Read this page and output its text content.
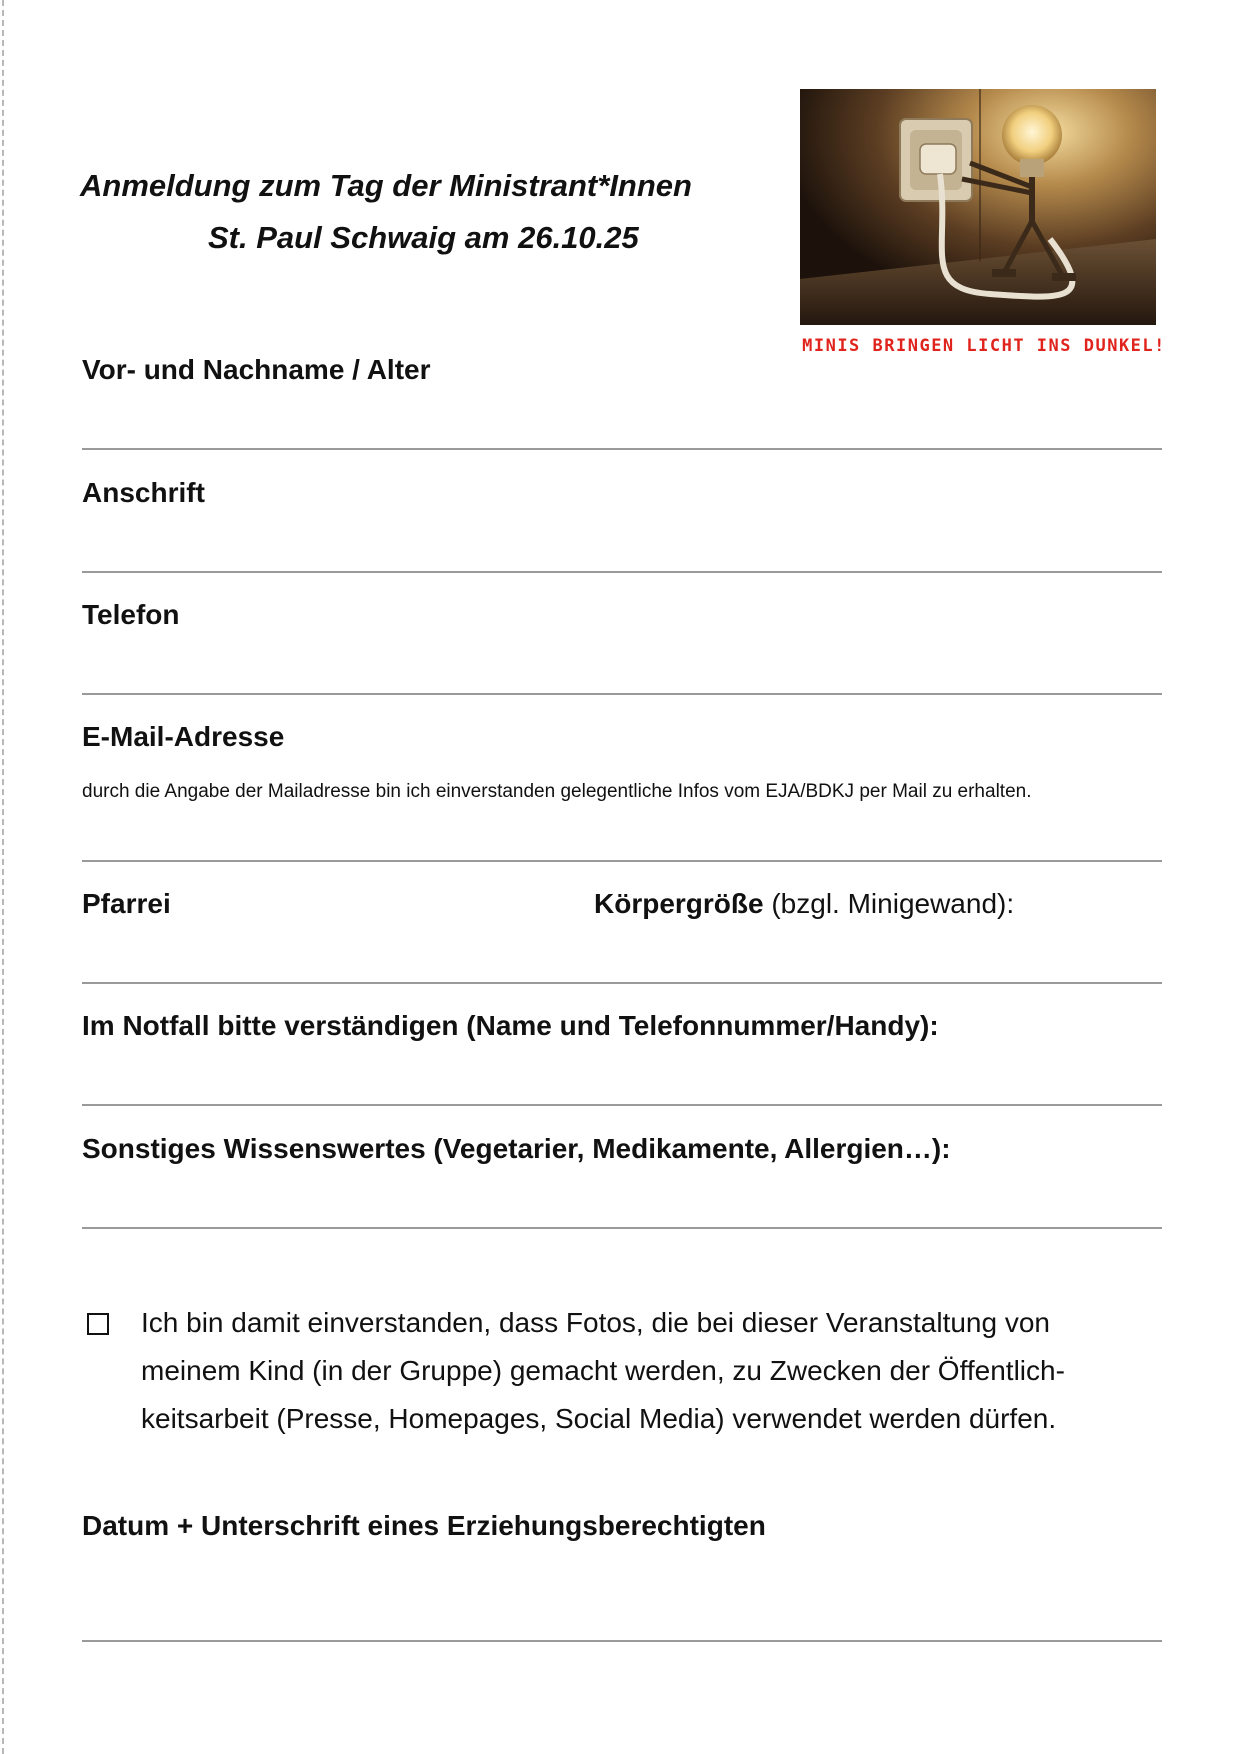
Anmeldung zum Tag der Ministrant*Innen
St. Paul Schwaig am 26.10.25
MINIS BRINGEN LICHT INS DUNKEL!
Vor- und Nachname / Alter
Anschrift
Telefon
E-Mail-Adresse
durch die Angabe der Mailadresse bin ich einverstanden gelegentliche Infos vom EJA/BDKJ per Mail zu erhalten.
Pfarrei	Körpergröße (bzgl. Minigewand):
Im Notfall bitte verständigen (Name und Telefonnummer/Handy):
Sonstiges Wissenswertes (Vegetarier, Medikamente, Allergien…):
Ich bin damit einverstanden, dass Fotos, die bei dieser Veranstaltung von
meinem Kind (in der Gruppe) gemacht werden, zu Zwecken der Öffentlich-
keitsarbeit (Presse, Homepages, Social Media) verwendet werden dürfen.
Datum + Unterschrift eines Erziehungsberechtigten
